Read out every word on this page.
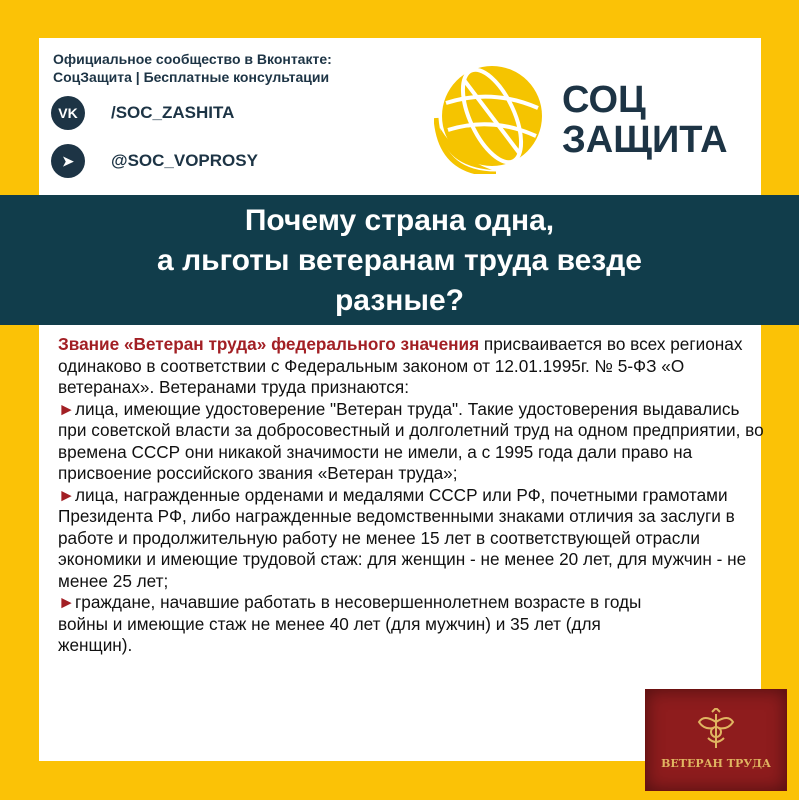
Официальное сообщество в Вконтакте:
СоцЗащита | Бесплатные консультации
VK	/SOC_ZASHITA
➤	@SOC_VOPROSY
СОЦ
ЗАЩИТА
Почему страна одна,
а льготы ветеранам труда везде
разные?

Звание «Ветеран труда» федерального значения присваивается во всех регионах одинаково в соответствии с Федеральным законом от 12.01.1995г. № 5-ФЗ «О ветеранах». Ветеранами труда признаются:

►лица, имеющие удостоверение "Ветеран труда". Такие удостоверения выдавались при советской власти за добросовестный и долголетний труд на одном предприятии, во времена СССР они никакой значимости не имели, а с 1995 года дали право на присвоение российского звания «Ветеран труда»;

►лица, награжденные орденами и медалями СССР или РФ, почетными грамотами Президента РФ, либо награжденные ведомственными знаками отличия за заслуги в работе и продолжительную работу не менее 15 лет в соответствующей отрасли экономики и имеющие трудовой стаж: для женщин - не менее 20 лет, для мужчин - не менее 25 лет;

►граждане, начавшие работать в несовершеннолетнем возрасте в годы войны и имеющие стаж не менее 40 лет (для мужчин) и 35 лет (для женщин).

ВЕТЕРАН ТРУДА
